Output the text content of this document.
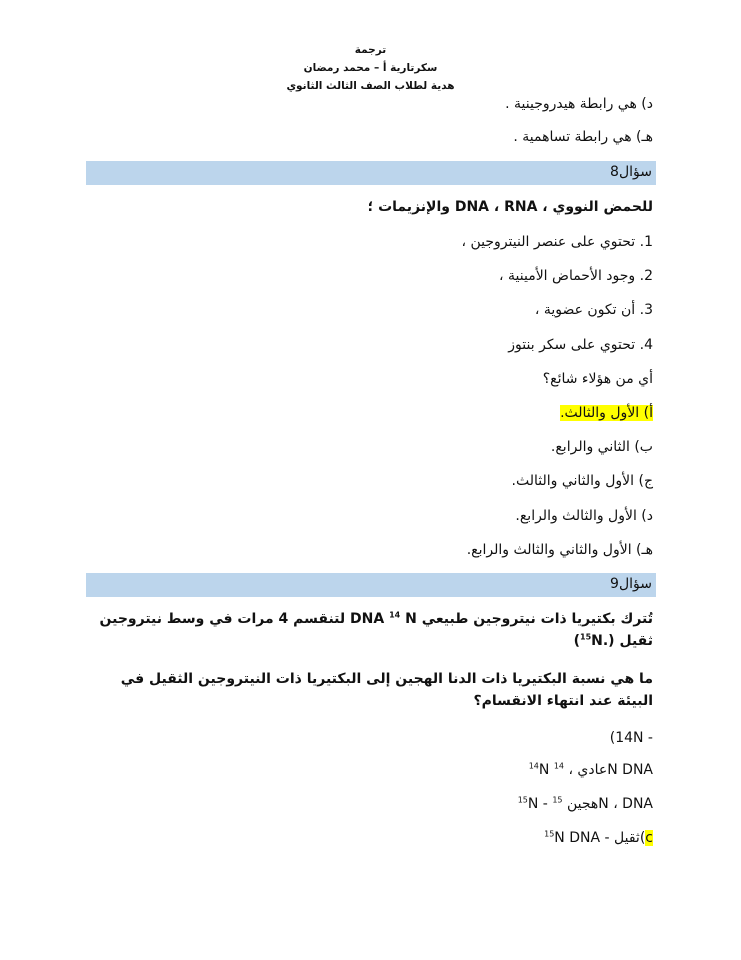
ترجمة
سكرتارية أ – محمد رمضان
هدية لطلاب الصف الثالث الثانوي
د) هي رابطة هيدروجينية .
هـ) هي رابطة تساهمية .
سؤال8
للحمض النووي ، DNA ، RNA والإنزيمات ؛
1. تحتوي على عنصر النيتروجين ،
2. وجود الأحماض الأمينية ،
3. أن تكون عضوية ،
4. تحتوي على سكر بنتوز
أي من هؤلاء شائع؟
أ) الأول والثالث.
ب) الثاني والرابع.
ج) الأول والثاني والثالث.
د) الأول والثالث والرابع.
هـ) الأول والثاني والثالث والرابع.
سؤال9
تُترك بكتيريا ذات نيتروجين طبيعي DNA $^{14}$ N لتنقسم 4 مرات في وسط نيتروجين
ثقيل (.$^{15}$N)
ما هي نسبة البكتيريا ذات الدنا الهجين إلى البكتيريا ذات النيتروجين الثقيل في البيئة عند انتهاء الانقسام؟
(14N -
$^{14}$N عادي ، $^{14}$	N DNA
$^{15}$N - هجين $^{15}$	N ، DNA
$^{15}$N DNA - ثقيل(c
